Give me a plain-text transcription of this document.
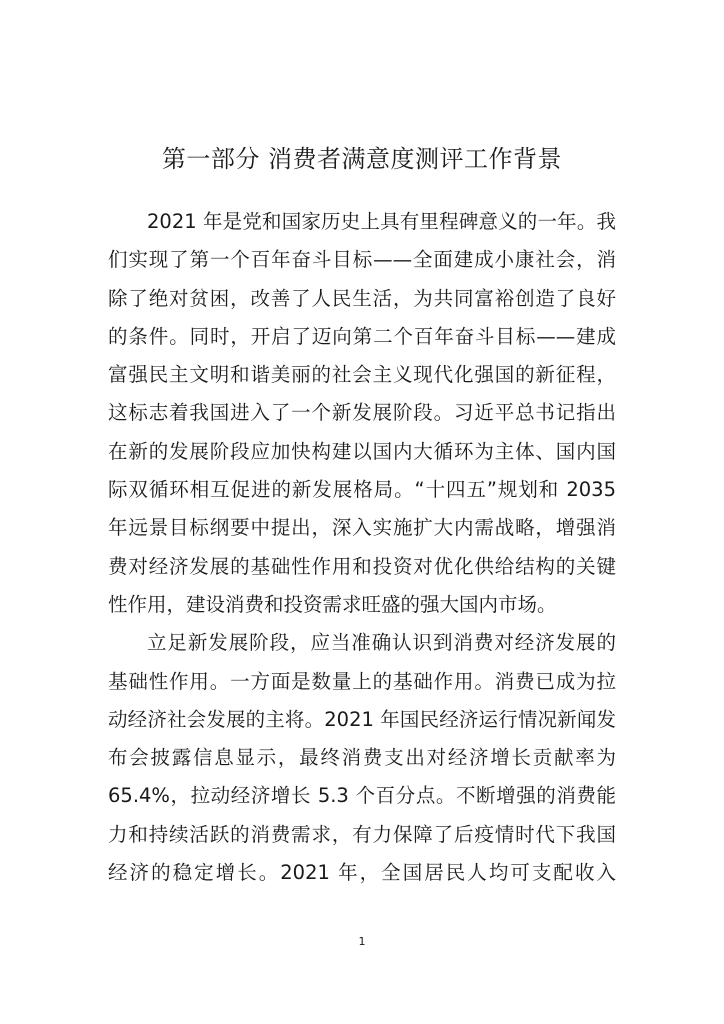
第一部分 消费者满意度测评工作背景
2021 年是党和国家历史上具有里程碑意义的一年。我
们实现了第一个百年奋斗目标——全面建成小康社会，消
除了绝对贫困，改善了人民生活，为共同富裕创造了良好
的条件。同时，开启了迈向第二个百年奋斗目标——建成
富强民主文明和谐美丽的社会主义现代化强国的新征程，
这标志着我国进入了一个新发展阶段。习近平总书记指出
在新的发展阶段应加快构建以国内大循环为主体、国内国
际双循环相互促进的新发展格局。“十四五”规划和 2035
年远景目标纲要中提出，深入实施扩大内需战略，增强消
费对经济发展的基础性作用和投资对优化供给结构的关键
性作用，建设消费和投资需求旺盛的强大国内市场。
立足新发展阶段，应当准确认识到消费对经济发展的
基础性作用。一方面是数量上的基础作用。消费已成为拉
动经济社会发展的主将。2021 年国民经济运行情况新闻发
布会披露信息显示，最终消费支出对经济增长贡献率为
65.4%，拉动经济增长 5.3 个百分点。不断增强的消费能
力和持续活跃的消费需求，有力保障了后疫情时代下我国
经济的稳定增长。2021 年，全国居民人均可支配收入
1
